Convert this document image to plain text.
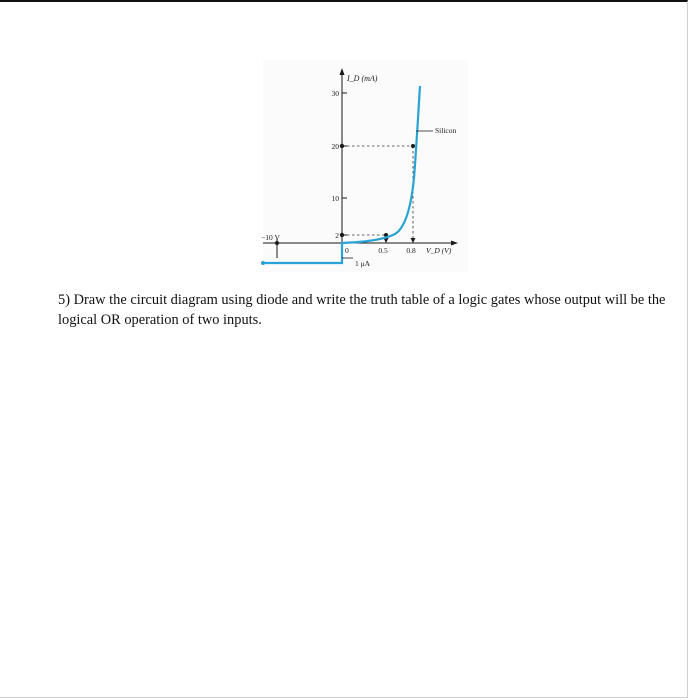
I_D (mA)
30
20
10
2
0	0.5 0.8 V_D (V)
−10 V
1 μA
Silicon

5) Draw the circuit diagram using diode and write the truth table of a logic gates whose output will be the logical OR operation of two inputs.
